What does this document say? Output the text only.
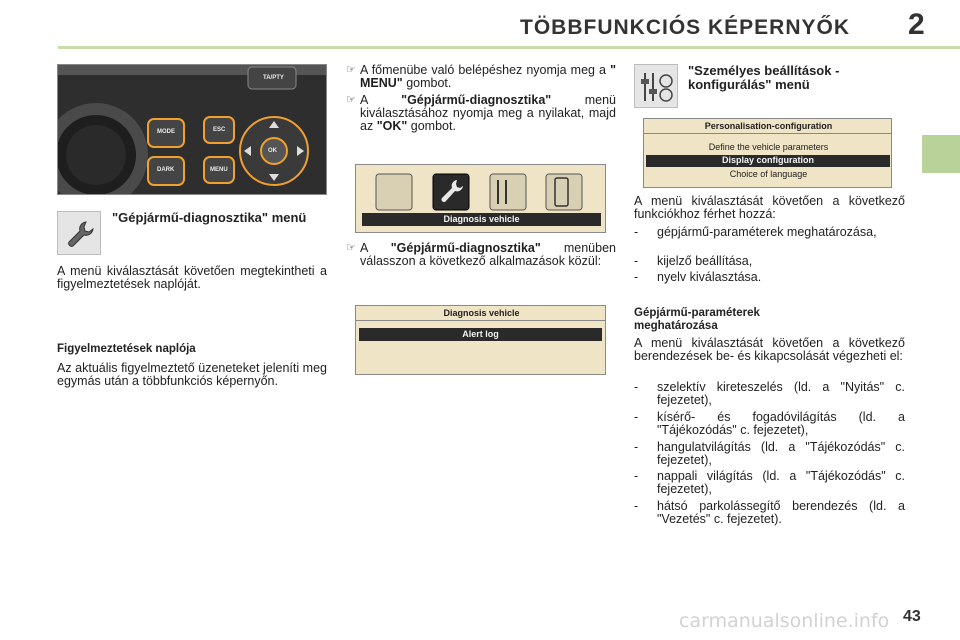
TÖBBFUNKCIÓS KÉPERNYŐK 2
TA/PTY
MODE
DARK
ESC
MENU
OK
"Gépjármű-diagnosztika" menü
A menü kiválasztását követően megtekintheti a figyelmeztetések naplóját.
Figyelmeztetések naplója
Az aktuális figyelmeztető üzeneteket jeleníti meg egymás után a többfunkciós képernyőn.
☞ A főmenübe való belépéshez nyomja meg a " MENU" gombot.
☞ A "Gépjármű-diagnosztika" menü kiválasztásához nyomja meg a nyilakat, majd az "OK" gombot.
Diagnosis vehicle
☞ A "Gépjármű-diagnosztika" menüben válasszon a következő alkalmazások közül:
Diagnosis vehicle
Alert log
"Személyes beállítások - konfigurálás" menü
Personalisation-configuration
Define the vehicle parameters
Display configuration
Choice of language
A menü kiválasztását követően a következő funkciókhoz férhet hozzá:
- gépjármű-paraméterek meghatározása,
- kijelző beállítása,
- nyelv kiválasztása.
Gépjármű-paraméterek meghatározása
A menü kiválasztását követően a következő berendezések be- és kikapcsolását végezheti el:
- szelektív kireteszelés (ld. a "Nyitás" c. fejezetet),
- kísérő- és fogadóvilágítás (ld. a "Tájékozódás" c. fejezetet),
- hangulatvilágítás (ld. a "Tájékozódás" c. fejezetet),
- nappali világítás (ld. a "Tájékozódás" c. fejezetet),
- hátsó parkolássegítő berendezés (ld. a "Vezetés" c. fejezetet).
carmanualsonline.info 43
